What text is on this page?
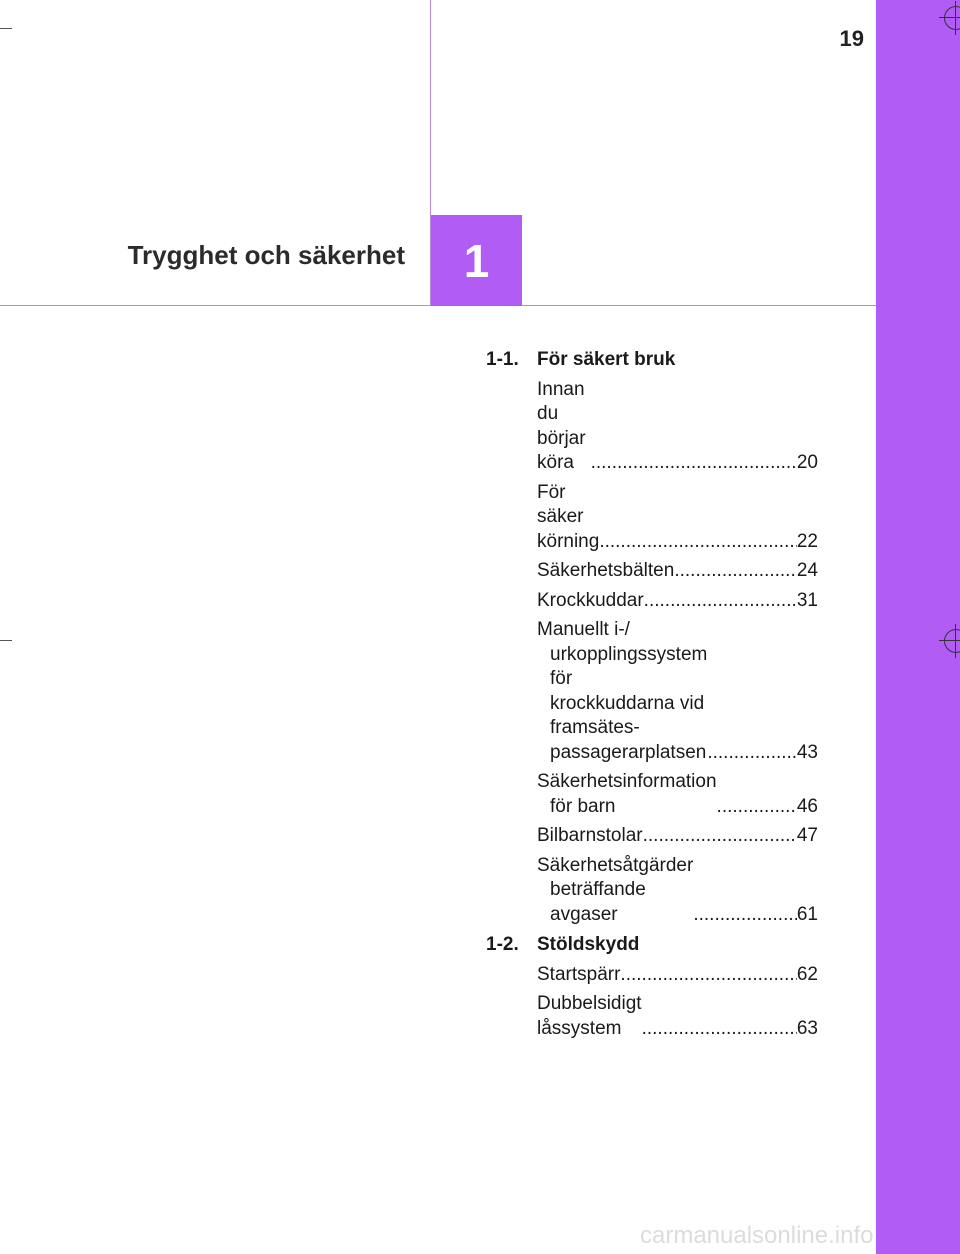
19
Trygghet och säkerhet 1
1-1. För säkert bruk
Innan du börjar köra .....	20
För säker körning .....	22
Säkerhetsbälten .....	24
Krockkuddar .....	31
Manuellt i-/
urkopplingssystem för
krockkuddarna vid
framsätes-
passagerarplatsen .....	43
Säkerhetsinformation
för barn .....	46
Bilbarnstolar .....	47
Säkerhetsåtgärder
beträffande avgaser .....	61
1-2. Stöldskydd
Startspärr .....	62
Dubbelsidigt låssystem .....	63
carmanualsonline.info
